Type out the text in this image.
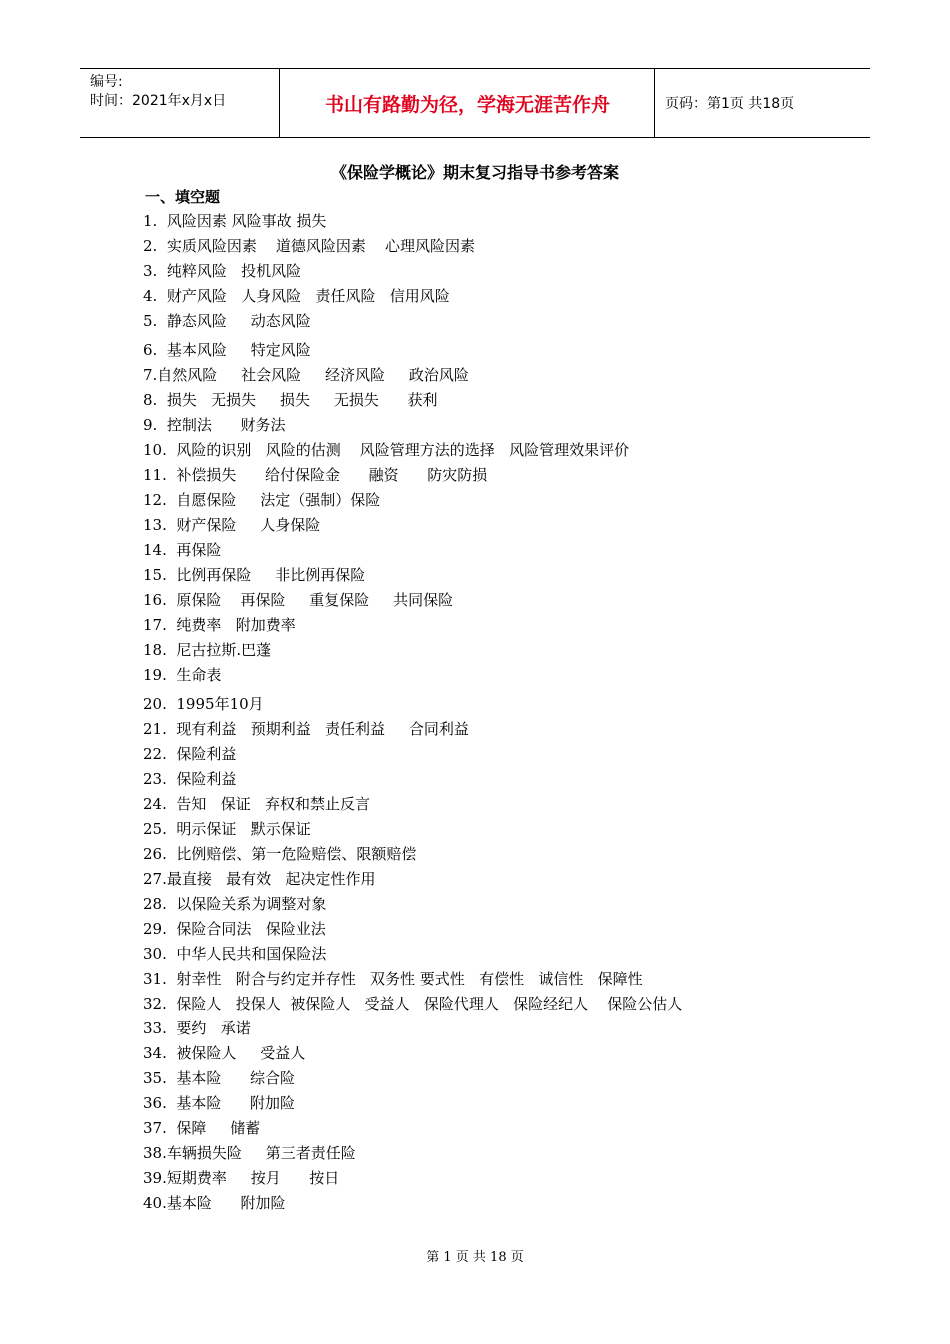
编号:
时间：2021年x月x日	书山有路勤为径，学海无涯苦作舟	页码：第1页 共18页
《保险学概论》期末复习指导书参考答案
一、填空题
1.  风险因素 风险事故 损失
2.  实质风险因素    道德风险因素    心理风险因素
3.  纯粹风险   投机风险
4.  财产风险   人身风险   责任风险   信用风险
5.  静态风险     动态风险
6.  基本风险     特定风险
7.自然风险     社会风险     经济风险     政治风险
8.  损失   无损失     损失     无损失      获利
9.  控制法      财务法
10.  风险的识别   风险的估测    风险管理方法的选择   风险管理效果评价
11.  补偿损失      给付保险金      融资      防灾防损
12.  自愿保险     法定（强制）保险
13.  财产保险     人身保险
14.  再保险
15.  比例再保险     非比例再保险
16.  原保险    再保险     重复保险     共同保险
17.  纯费率   附加费率
18.  尼古拉斯.巴蓬
19.  生命表
20.  1995年10月
21.  现有利益   预期利益   责任利益     合同利益
22.  保险利益
23.  保险利益
24.  告知   保证   弃权和禁止反言
25.  明示保证   默示保证
26.  比例赔偿、第一危险赔偿、限额赔偿
27.最直接   最有效   起决定性作用
28.  以保险关系为调整对象
29.  保险合同法   保险业法
30.  中华人民共和国保险法
31.  射幸性   附合与约定并存性   双务性 要式性   有偿性   诚信性   保障性
32.  保险人   投保人  被保险人   受益人   保险代理人   保险经纪人    保险公估人
33.  要约   承诺
34.  被保险人     受益人
35.  基本险      综合险
36.  基本险      附加险
37.  保障     储蓄
38.车辆损失险     第三者责任险
39.短期费率     按月      按日
40.基本险      附加险
第 1 页 共 18 页
